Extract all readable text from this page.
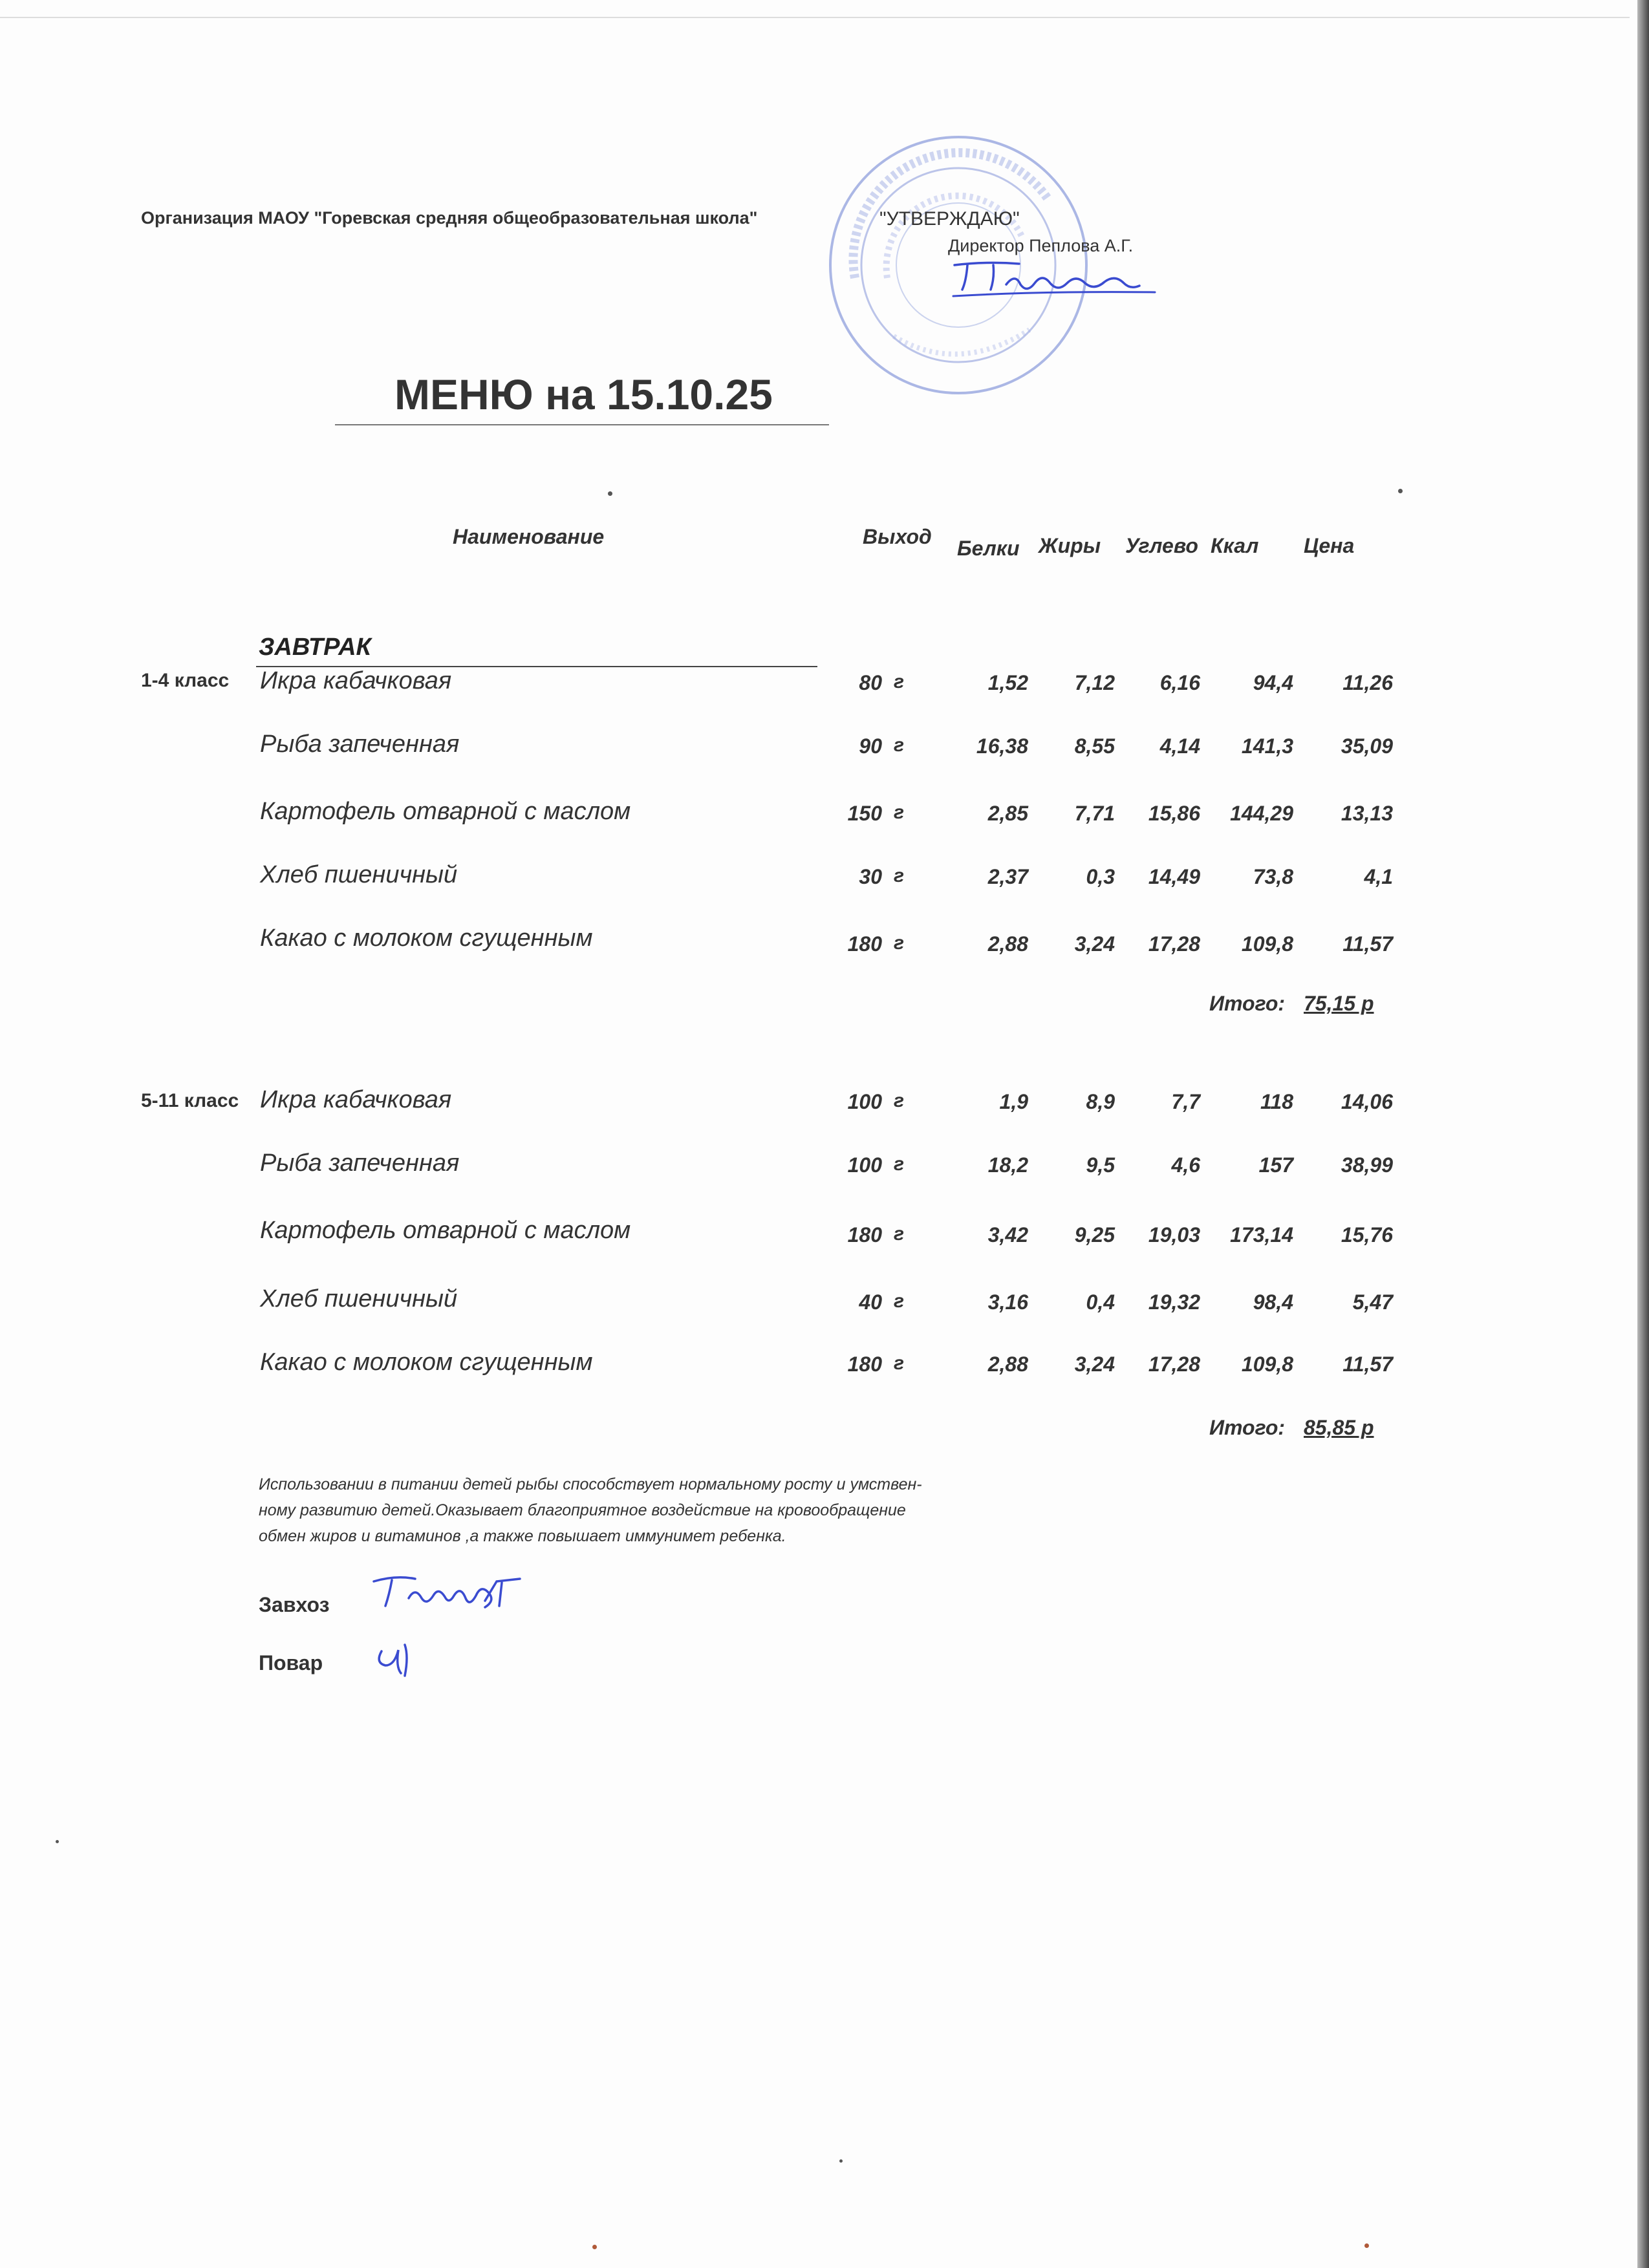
Организация МАОУ "Горевская средняя общеобразовательная школа"	"УТВЕРЖДАЮ"
Директор Пеплова А.Г.
МЕНЮ на 15.10.25
Наименование	Выход Белки Жиры Углево Ккал Цена
ЗАВТРАК
1-4 класс Икра кабачковая	80 г	1,52	7,12	6,16	94,4	11,26
Рыба запеченная	90 г	16,38	8,55	4,14	141,3	35,09
Картофель отварной с маслом	150 г	2,85	7,71	15,86	144,29	13,13
Хлеб пшеничный	30 г	2,37	0,3	14,49	73,8	4,1
Какао с молоком сгущенным	180 г	2,88	3,24	17,28	109,8	11,57
Итого: 75,15 р
5-11 класс Икра кабачковая	100 г	1,9	8,9	7,7	118	14,06
Рыба запеченная	100 г	18,2	9,5	4,6	157	38,99
Картофель отварной с маслом	180 г	3,42	9,25	19,03	173,14	15,76
Хлеб пшеничный	40 г	3,16	0,4	19,32	98,4	5,47
Какао с молоком сгущенным	180 г	2,88	3,24	17,28	109,8	11,57
Итого: 85,85 р
Использовании в питании детей рыбы способствует нормальному росту и умствен-
ному развитию детей.Оказывает благоприятное воздействие на кровообращение
обмен жиров и витаминов ,а также повышает иммунимет ребенка.
Завхоз
Повар
